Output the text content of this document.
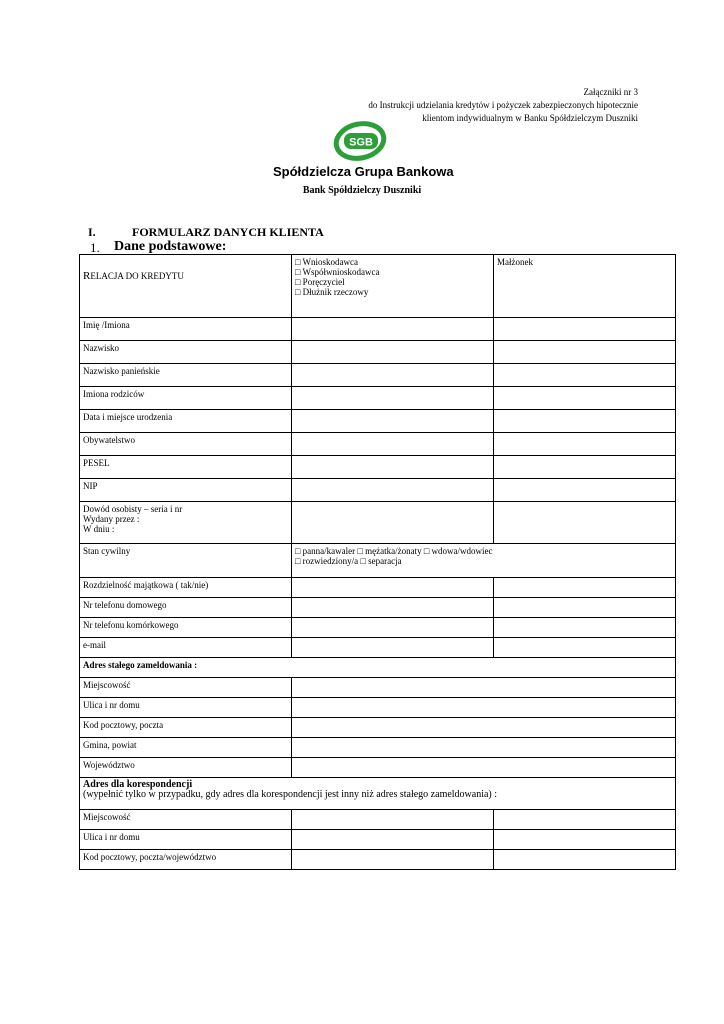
Załączniki nr 3
do Instrukcji udzielania kredytów i pożyczek zabezpieczonych hipotecznie
klientom indywidualnym w Banku Spółdzielczym Duszniki
SGB
Spółdzielcza Grupa Bankowa
Bank Spółdzielczy Duszniki
I.	FORMULARZ DANYCH KLIENTA
1. Dane podstawowe:
RELACJA DO KREDYTU	□ Wnioskodawca
□ Współwnioskodawca
□ Poręczyciel
□ Dłużnik rzeczowy	Małżonek
Imię /Imiona		
Nazwisko		
Nazwisko panieńskie		
Imiona rodziców		
Data i miejsce urodzenia		
Obywatelstwo		
PESEL		
NIP		

Dowód osobisty – seria i nr
Wydany przez :
W dniu :		

Stan cywilny	□ panna/kawaler □ mężatka/żonaty □ wdowa/wdowiec
□ rozwiedziony/a □ separacja	

Rozdzielność majątkowa ( tak/nie)		
Nr telefonu domowego		
Nr telefonu komórkowego		
e-mail		
Adres stałego zameldowania :		
Miejscowość		
Ulica i nr domu		
Kod pocztowy, poczta		
Gmina, powiat		
Województwo		

Adres dla korespondencji
(wypełnić tylko w przypadku, gdy adres dla korespondencji jest inny niż adres stałego zameldowania) :		

Miejscowość		
Ulica i nr domu		
Kod pocztowy, poczta/województwo		
